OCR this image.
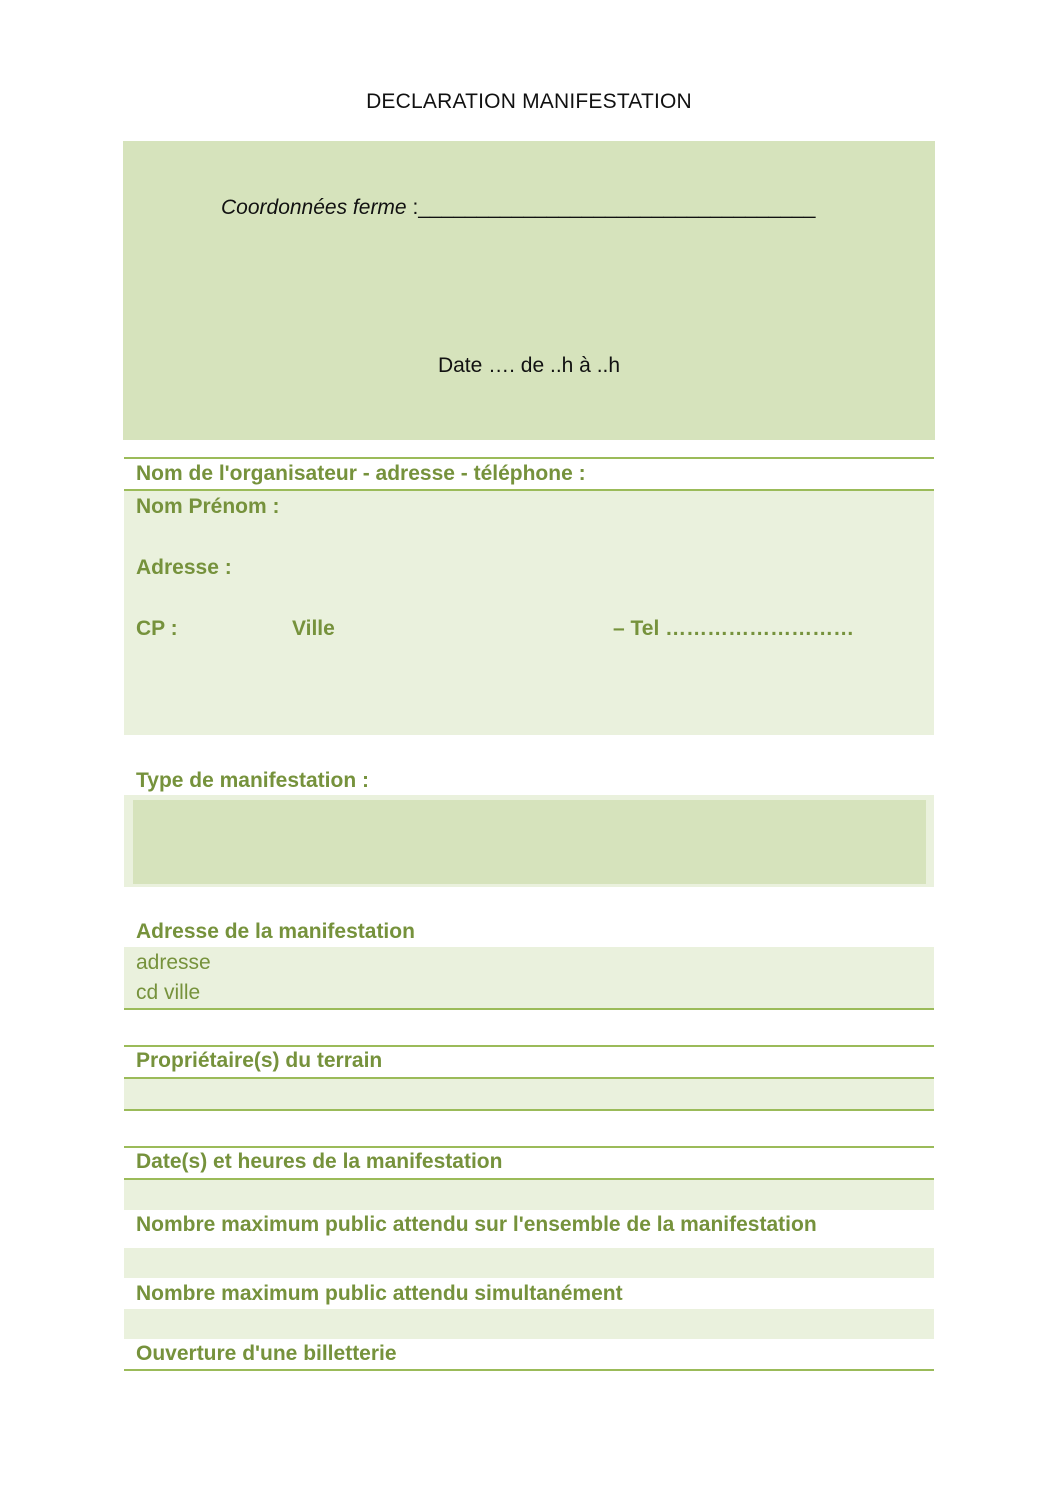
DECLARATION MANIFESTATION
Coordonnées ferme :__________________________________
Date …. de ..h à ..h
Nom de l'organisateur - adresse - téléphone :
Nom Prénom :
Adresse :
CP :	Ville	– Tel ………………………
Type de manifestation :
Adresse de la manifestation
adresse
cd ville
Propriétaire(s) du terrain
Date(s) et heures de la manifestation
Nombre maximum public attendu sur l'ensemble de la manifestation
Nombre maximum public attendu simultanément
Ouverture d'une billetterie
